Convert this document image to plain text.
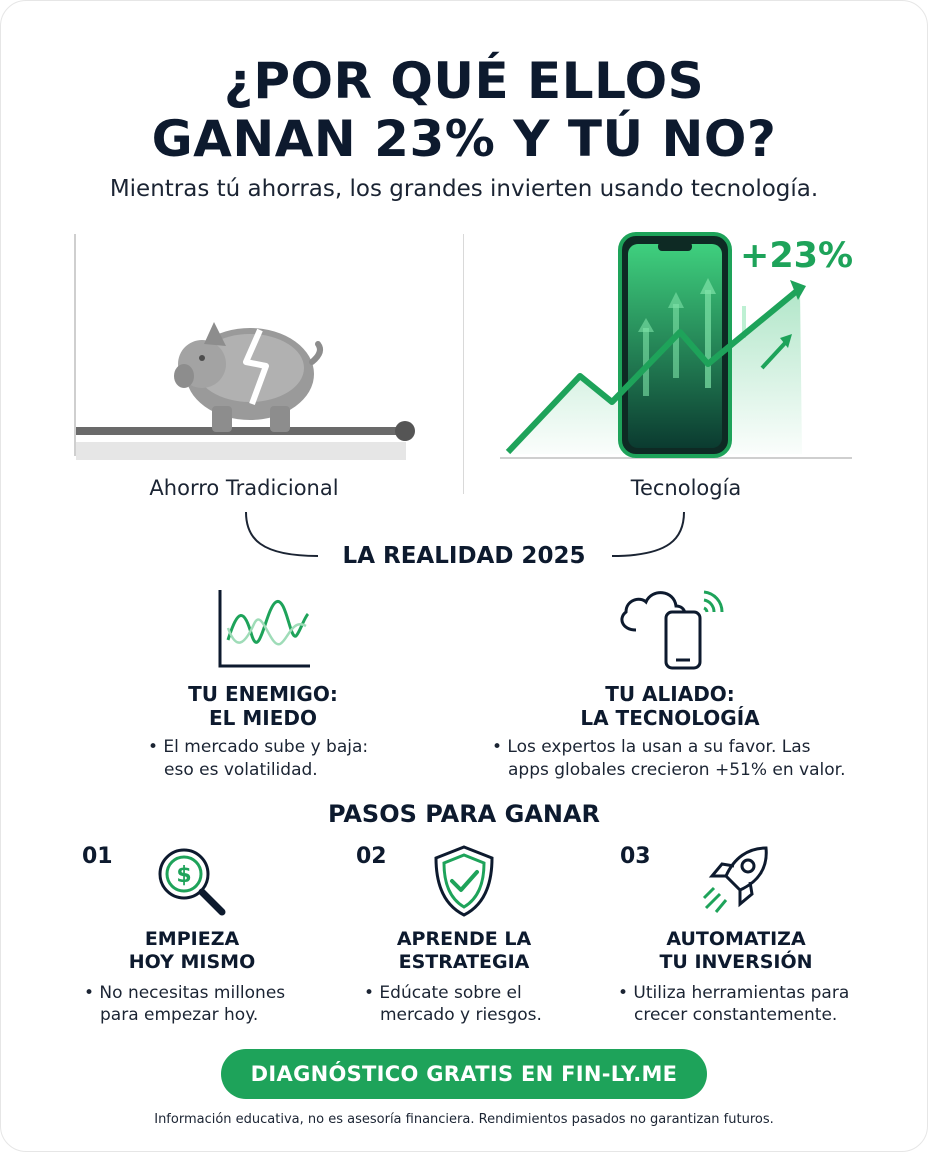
¿POR QUÉ ELLOS
GANAN 23% Y TÚ NO?
Mientras tú ahorras, los grandes invierten usando tecnología.
+23%
Ahorro Tradicional	Tecnología
LA REALIDAD 2025
TU ENEMIGO:
EL MIEDO
• El mercado sube y baja:
eso es volatilidad.
TU ALIADO:
LA TECNOLOGÍA
• Los expertos la usan a su favor. Las
apps globales crecieron +51% en valor.
PASOS PARA GANAR
01
$
EMPIEZA
HOY MISMO
• No necesitas millones
para empezar hoy.
02
APRENDE LA
ESTRATEGIA
• Edúcate sobre el
mercado y riesgos.
03
AUTOMATIZA
TU INVERSIÓN
• Utiliza herramientas para
crecer constantemente.
DIAGNÓSTICO GRATIS EN FIN-LY.ME
Información educativa, no es asesoría financiera. Rendimientos pasados no garantizan futuros.
